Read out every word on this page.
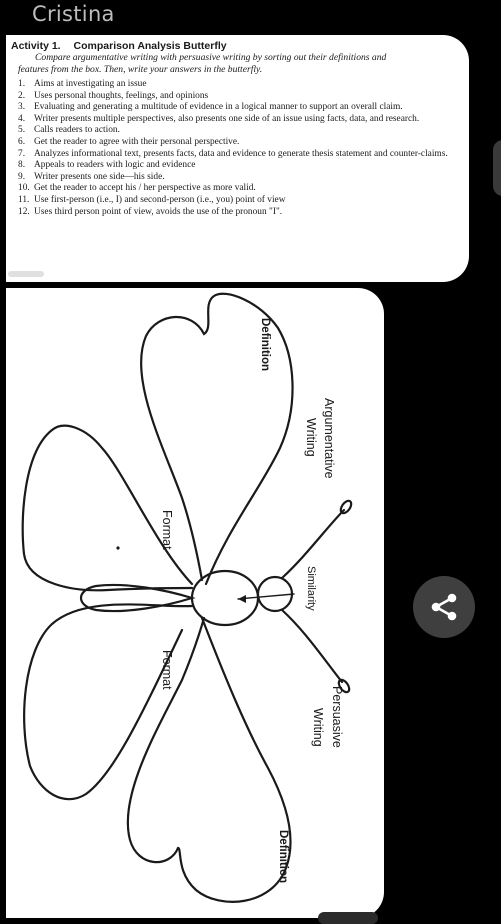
Cristina
Activity 1. Comparison Analysis Butterfly
Compare argumentative writing with persuasive writing by sorting out their definitions and
features from the box. Then, write your answers in the butterfly.
1. Aims at investigating an issue
2. Uses personal thoughts, feelings, and opinions
3. Evaluating and generating a multitude of evidence in a logical manner to support an overall claim.
4. Writer presents multiple perspectives, also presents one side of an issue using facts, data, and research.
5. Calls readers to action.
6. Get the reader to agree with their personal perspective.
7. Analyzes informational text, presents facts, data and evidence to generate thesis statement and counter-claims.
8. Appeals to readers with logic and evidence
9. Writer presents one side—his side.
10. Get the reader to accept his / her perspective as more valid.
11. Use first-person (i.e., I) and second-person (i.e., you) point of view
12. Uses third person point of view, avoids the use of the pronoun "I".
Definition
Argumentative
Writing
Format
Similarity
Format
Persuasive
Writing
Definition
